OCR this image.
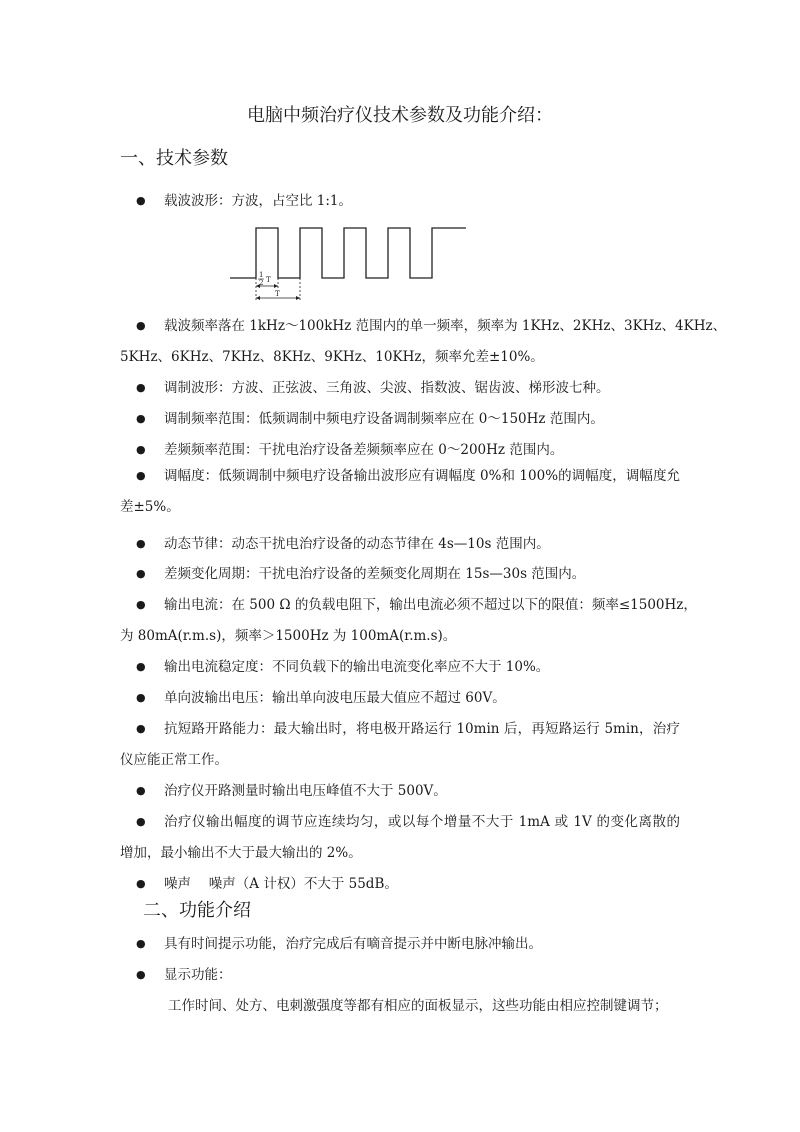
电脑中频治疗仪技术参数及功能介绍：
一、技术参数
载波波形：方波，占空比 1:1。
1
2 T
T
载波频率落在 1kHz～100kHz 范围内的单一频率，频率为 1KHz、2KHz、3KHz、4KHz、
5KHz、6KHz、7KHz、8KHz、9KHz、10KHz，频率允差±10%。
调制波形：方波、正弦波、三角波、尖波、指数波、锯齿波、梯形波七种。
调制频率范围：低频调制中频电疗设备调制频率应在 0～150Hz 范围内。
差频频率范围：干扰电治疗设备差频频率应在 0～200Hz 范围内。
调幅度：低频调制中频电疗设备输出波形应有调幅度 0%和 100%的调幅度，调幅度允
差±5%。
动态节律：动态干扰电治疗设备的动态节律在 4s—10s 范围内。
差频变化周期：干扰电治疗设备的差频变化周期在 15s—30s 范围内。
输出电流：在 500 Ω 的负载电阻下，输出电流必须不超过以下的限值：频率≤1500Hz，
为 80mA(r.m.s)，频率＞1500Hz 为 100mA(r.m.s)。
输出电流稳定度：不同负载下的输出电流变化率应不大于 10%。
单向波输出电压：输出单向波电压最大值应不超过 60V。
抗短路开路能力：最大输出时，将电极开路运行 10min 后，再短路运行 5min，治疗
仪应能正常工作。
治疗仪开路测量时输出电压峰值不大于 500V。
治疗仪输出幅度的调节应连续均匀，或以每个增量不大于 1mA 或 1V 的变化离散的
增加，最小输出不大于最大输出的 2%。
噪声　 噪声（A 计权）不大于 55dB。
二、功能介绍
具有时间提示功能，治疗完成后有嘀音提示并中断电脉冲输出。
显示功能：
工作时间、处方、电刺激强度等都有相应的面板显示，这些功能由相应控制键调节；
